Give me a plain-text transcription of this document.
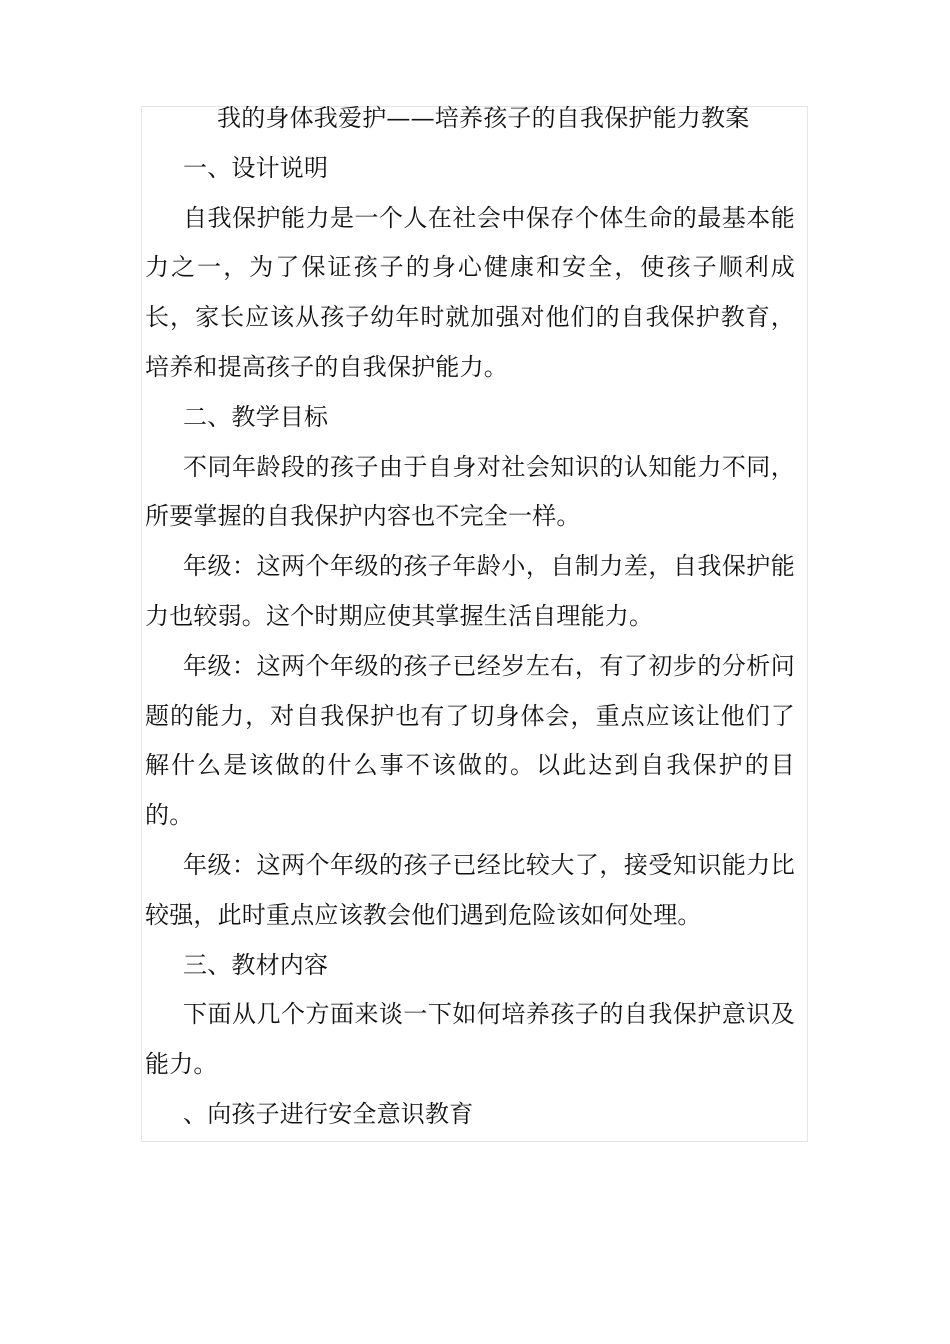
我的身体我爱护——培养孩子的自我保护能力教案

一、设计说明

自我保护能力是一个人在社会中保存个体生命的最基本能力之一，为了保证孩子的身心健康和安全，使孩子顺利成长，家长应该从孩子幼年时就加强对他们的自我保护教育，培养和提高孩子的自我保护能力。

二、教学目标

不同年龄段的孩子由于自身对社会知识的认知能力不同，所要掌握的自我保护内容也不完全一样。

年级：这两个年级的孩子年龄小，自制力差，自我保护能力也较弱。这个时期应使其掌握生活自理能力。

年级：这两个年级的孩子已经岁左右，有了初步的分析问题的能力，对自我保护也有了切身体会，重点应该让他们了解什么是该做的什么事不该做的。以此达到自我保护的目的。

年级：这两个年级的孩子已经比较大了，接受知识能力比较强，此时重点应该教会他们遇到危险该如何处理。

三、教材内容

下面从几个方面来谈一下如何培养孩子的自我保护意识及能力。

、向孩子进行安全意识教育
